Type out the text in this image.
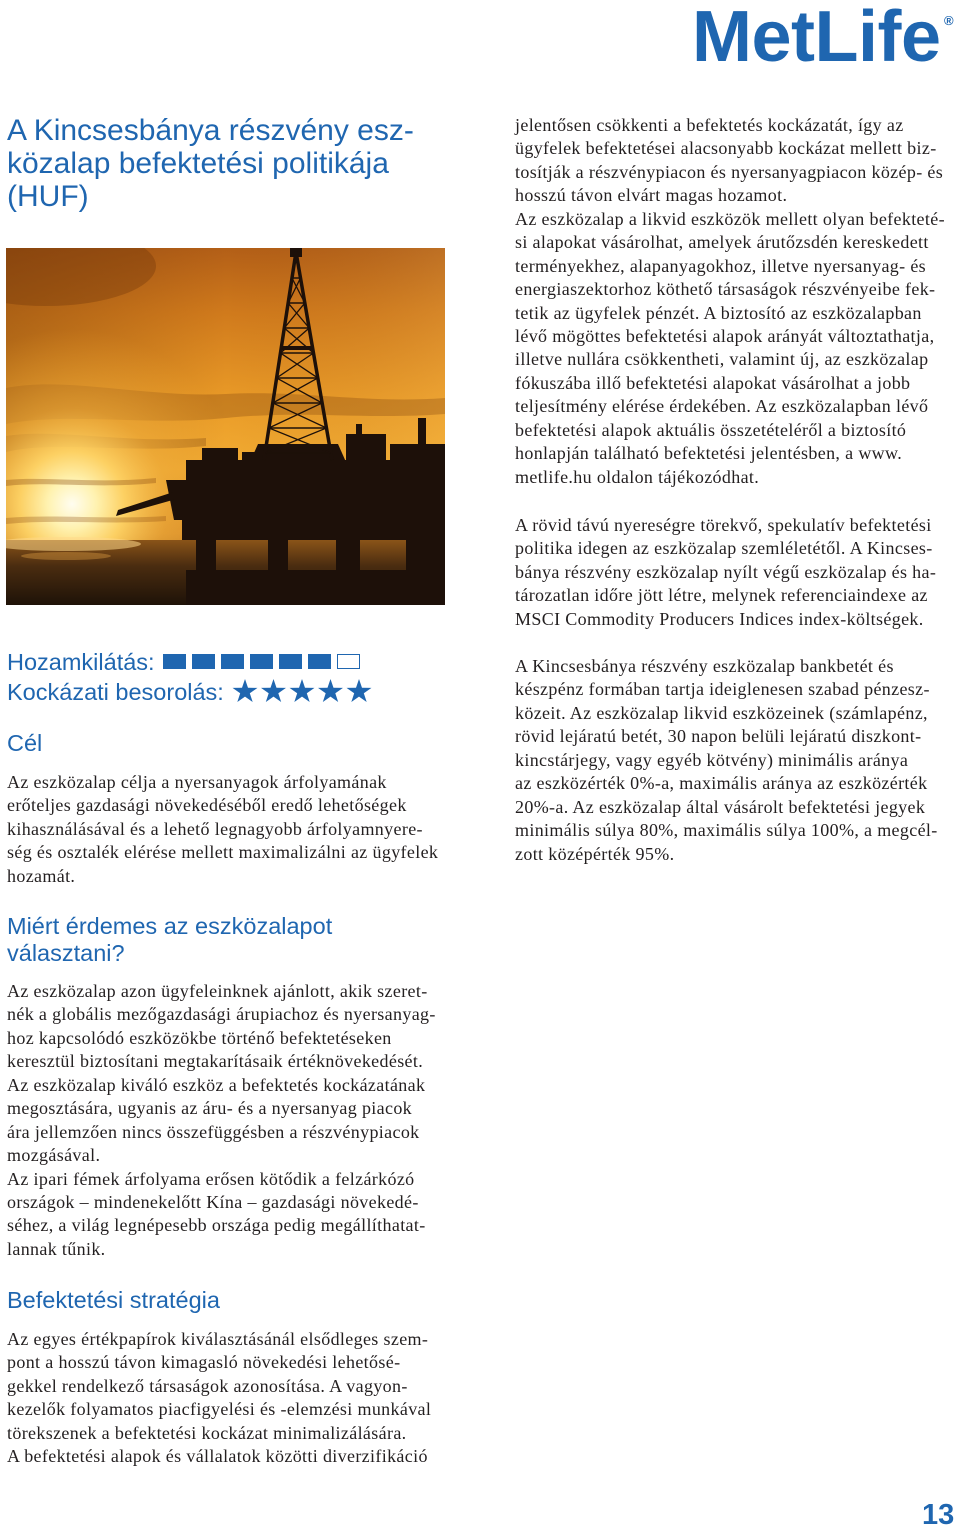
MetLife ®
A Kincsesbánya részvény esz-
közalap befektetési politikája
(HUF)
Hozamkilátás:
Kockázati besorolás:
Cél
Az eszközalap célja a nyersanyagok árfolyamának
erőteljes gazdasági növekedéséből eredő lehetőségek
kihasználásával és a lehető legnagyobb árfolyamnyere-
ség és osztalék elérése mellett maximalizálni az ügyfelek
hozamát.
Miért érdemes az eszközalapot
választani?
Az eszközalap azon ügyfeleinknek ajánlott, akik szeret-
nék a globális mezőgazdasági árupiachoz és nyersanyag-
hoz kapcsolódó eszközökbe történő befektetéseken
keresztül biztosítani megtakarításaik értéknövekedését.
Az eszközalap kiváló eszköz a befektetés kockázatának
megosztására, ugyanis az áru- és a nyersanyag piacok
ára jellemzően nincs összefüggésben a részvénypiacok
mozgásával.
Az ipari fémek árfolyama erősen kötődik a felzárkózó
országok – mindenekelőtt Kína – gazdasági növekedé-
séhez, a világ legnépesebb országa pedig megállíthatat-
lannak tűnik.
Befektetési stratégia
Az egyes értékpapírok kiválasztásánál elsődleges szem-
pont a hosszú távon kimagasló növekedési lehetősé-
gekkel rendelkező társaságok azonosítása. A vagyon-
kezelők folyamatos piacfigyelési és -elemzési munkával
törekszenek a befektetési kockázat minimalizálására.
A befektetési alapok és vállalatok közötti diverzifikáció
jelentősen csökkenti a befektetés kockázatát, így az
ügyfelek befektetései alacsonyabb kockázat mellett biz-
tosítják a részvénypiacon és nyersanyagpiacon közép- és
hosszú távon elvárt magas hozamot.
Az eszközalap a likvid eszközök mellett olyan befekteté-
si alapokat vásárolhat, amelyek árutőzsdén kereskedett
terményekhez, alapanyagokhoz, illetve nyersanyag- és
energiaszektorhoz köthető társaságok részvényeibe fek-
tetik az ügyfelek pénzét. A biztosító az eszközalapban
lévő mögöttes befektetési alapok arányát változtathatja,
illetve nullára csökkentheti, valamint új, az eszközalap
fókuszába illő befektetési alapokat vásárolhat a jobb
teljesítmény elérése érdekében. Az eszközalapban lévő
befektetési alapok aktuális összetételéről a biztosító
honlapján található befektetési jelentésben, a www.
metlife.hu oldalon tájékozódhat.
A rövid távú nyereségre törekvő, spekulatív befektetési
politika idegen az eszközalap szemléletétől. A Kincses-
bánya részvény eszközalap nyílt végű eszközalap és ha-
tározatlan időre jött létre, melynek referenciaindexe az
MSCI Commodity Producers Indices index-költségek.
A Kincsesbánya részvény eszközalap bankbetét és
készpénz formában tartja ideiglenesen szabad pénzesz-
közeit. Az eszközalap likvid eszközeinek (számlapénz,
rövid lejáratú betét, 30 napon belüli lejáratú diszkont-
kincstárjegy, vagy egyéb kötvény) minimális aránya
az eszközérték 0%-a, maximális aránya az eszközérték
20%-a. Az eszközalap által vásárolt befektetési jegyek
minimális súlya 80%, maximális súlya 100%, a megcél-
zott középérték 95%.
13
